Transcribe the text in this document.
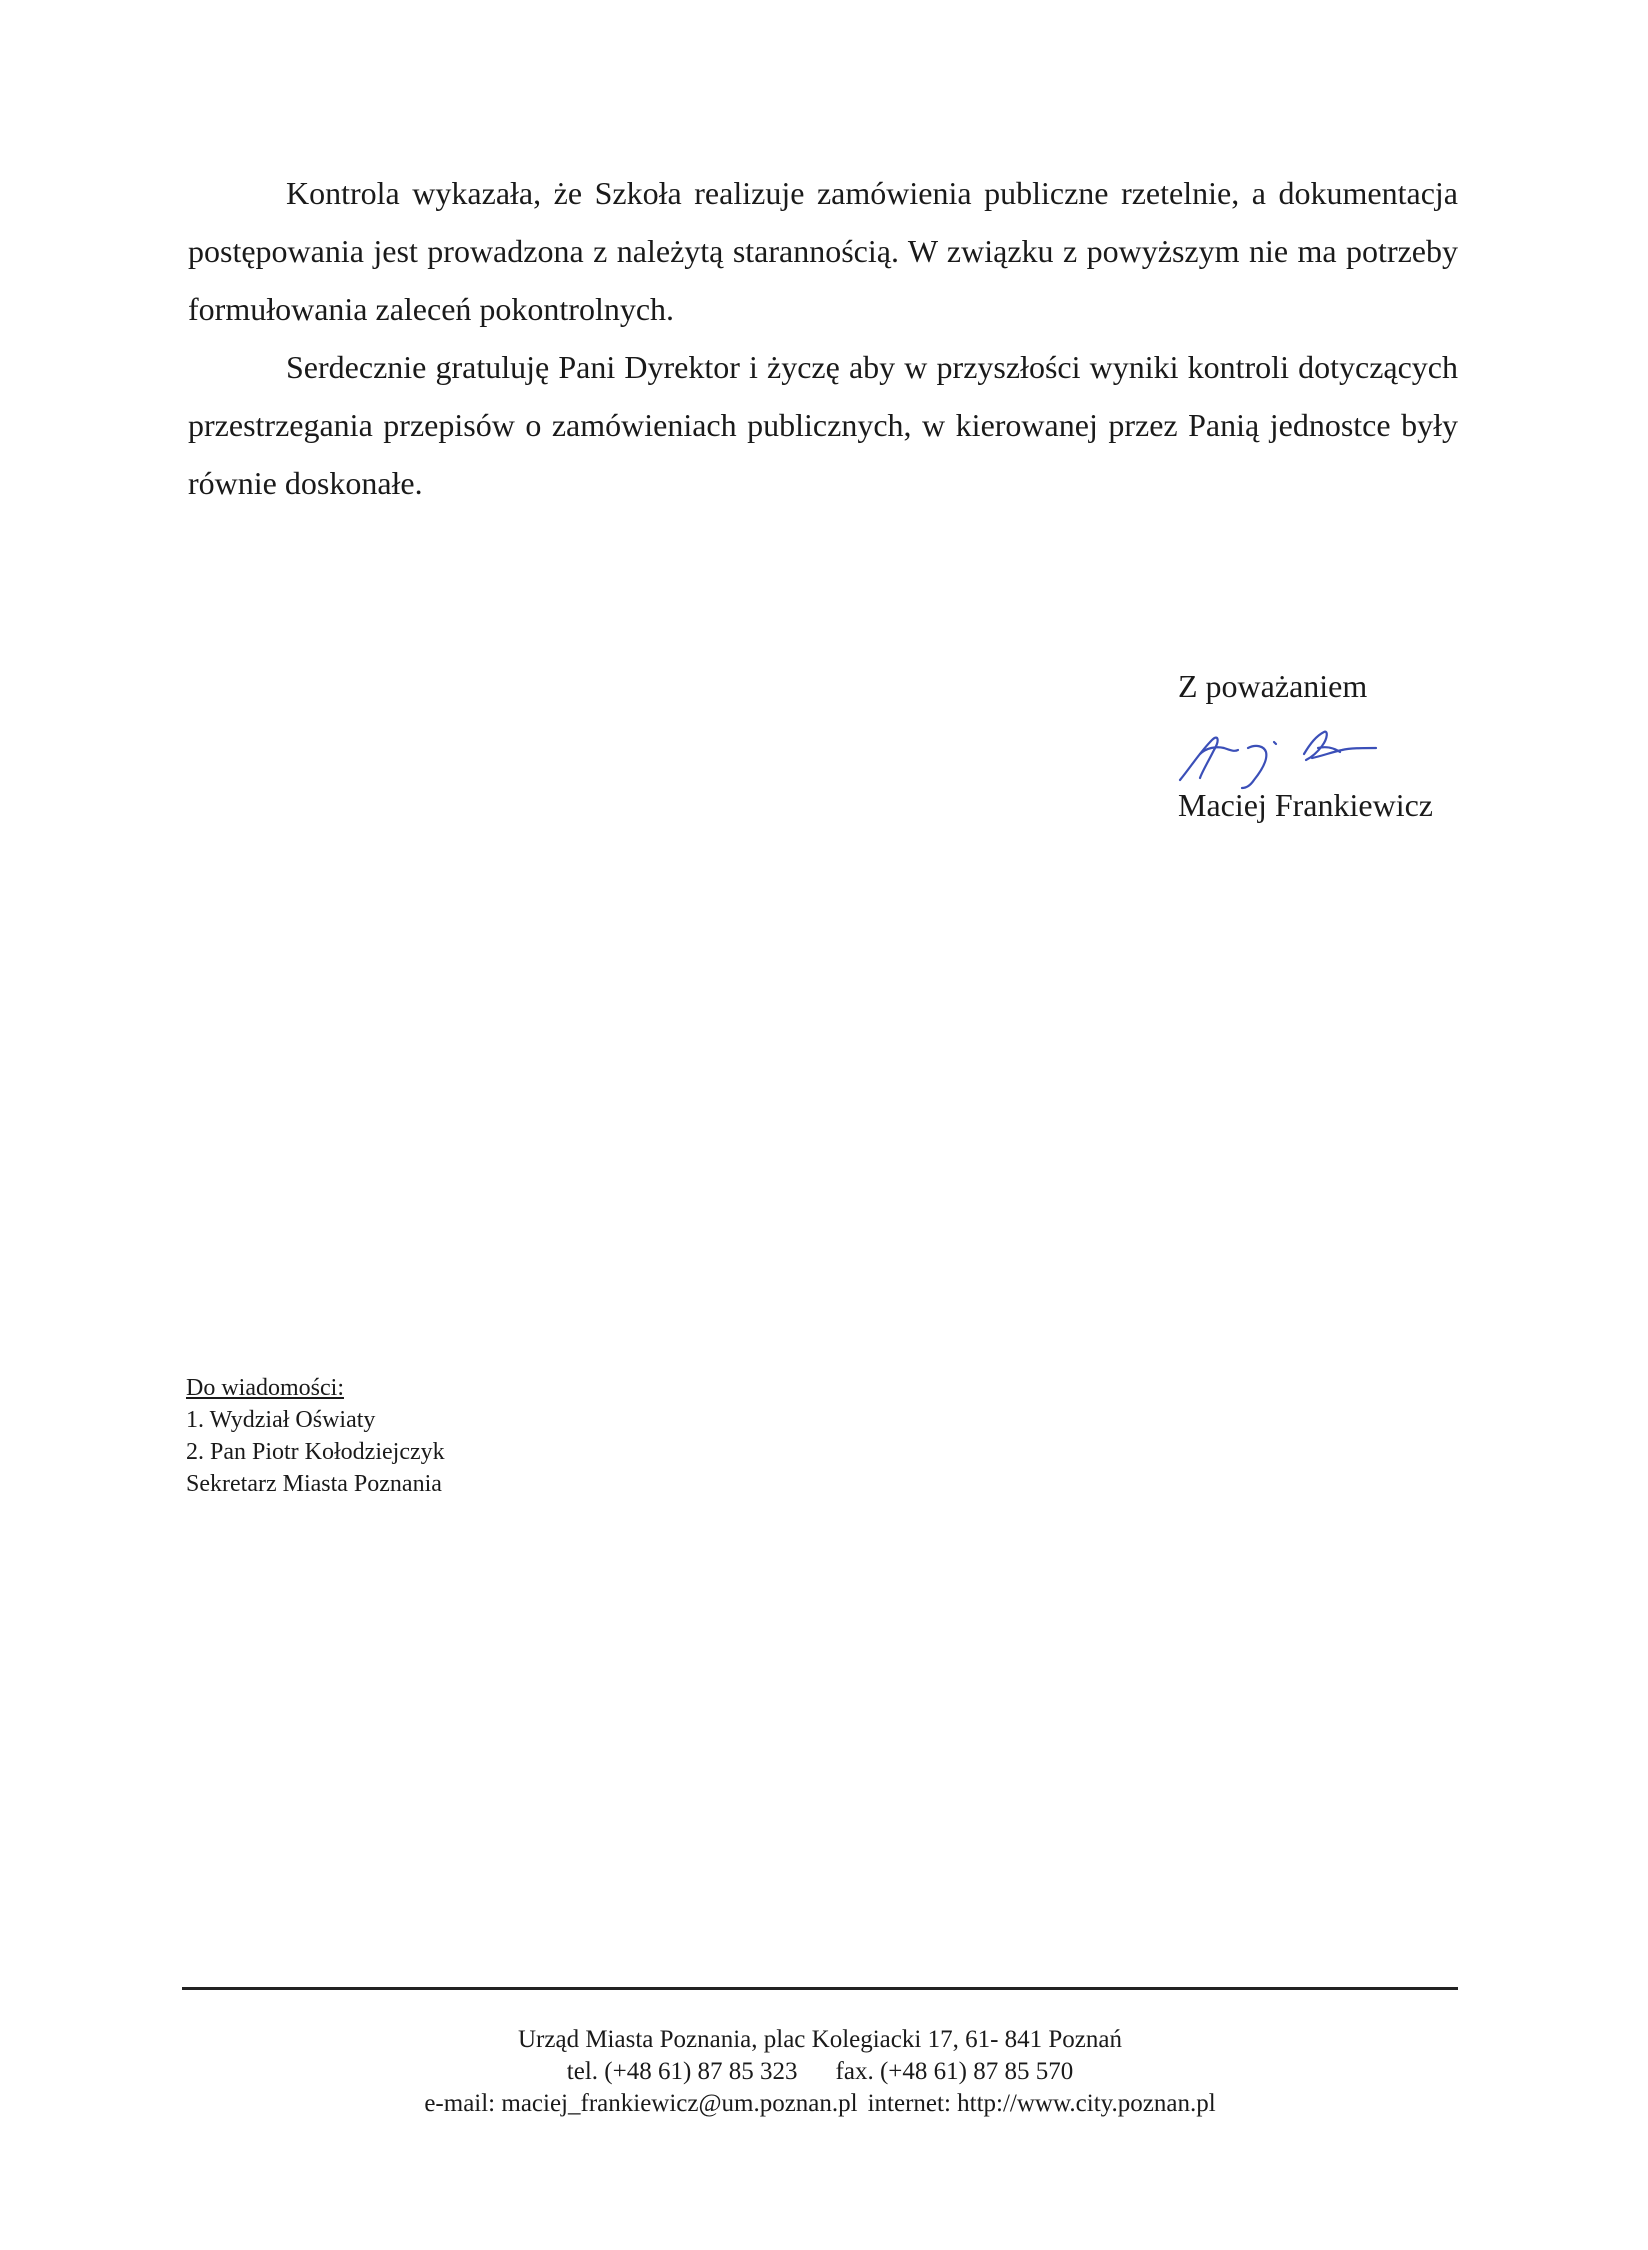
Kontrola wykazała, że Szkoła realizuje zamówienia publiczne rzetelnie, a dokumentacja postępowania jest prowadzona z należytą starannością. W związku z powyższym nie ma potrzeby formułowania zaleceń pokontrolnych.

Serdecznie gratuluję Pani Dyrektor i życzę aby w przyszłości wyniki kontroli dotyczących przestrzegania przepisów o zamówieniach publicznych, w kierowanej przez Panią jednostce były równie doskonałe.

Z poważaniem
Maciej Frankiewicz
Do wiadomości:
1. Wydział Oświaty
2. Pan Piotr Kołodziejczyk
Sekretarz Miasta Poznania
Urząd Miasta Poznania, plac Kolegiacki 17, 61- 841 Poznań
tel. (+48 61) 87 85 323 fax. (+48 61) 87 85 570
e-mail: maciej_frankiewicz@um.poznan.pl internet: http://www.city.poznan.pl
